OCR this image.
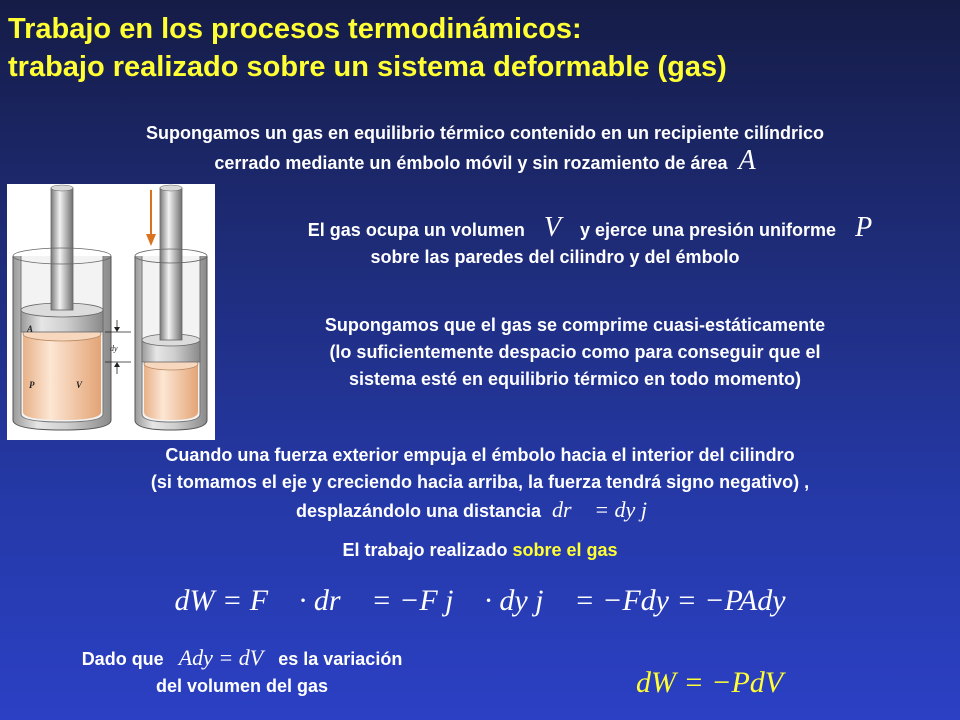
Trabajo en los procesos termodinámicos:
trabajo realizado sobre un sistema deformable (gas)
Supongamos un gas en equilibrio térmico contenido en un recipiente cilíndrico
cerrado mediante un émbolo móvil y sin rozamiento de área A
A
dy
P	V
El gas ocupa un volumen V y ejerce una presión uniforme P
sobre las paredes del cilindro y del émbolo
Supongamos que el gas se comprime cuasi-estáticamente
(lo suficientemente despacio como para conseguir que el
sistema esté en equilibrio térmico en todo momento)
Cuando una fuerza exterior empuja el émbolo hacia el interior del cilindro
(si tomamos el eje y creciendo hacia arriba, la fuerza tendrá signo negativo) ,
desplazándolo una distancia dr⃗ = dy j⃗
El trabajo realizado sobre el gas
dW = F⃗ · dr⃗ = −F j⃗ · dy j⃗ = −Fdy = −PAdy
Dado que Ady = dV es la variación
del volumen del gas	dW = −PdV
